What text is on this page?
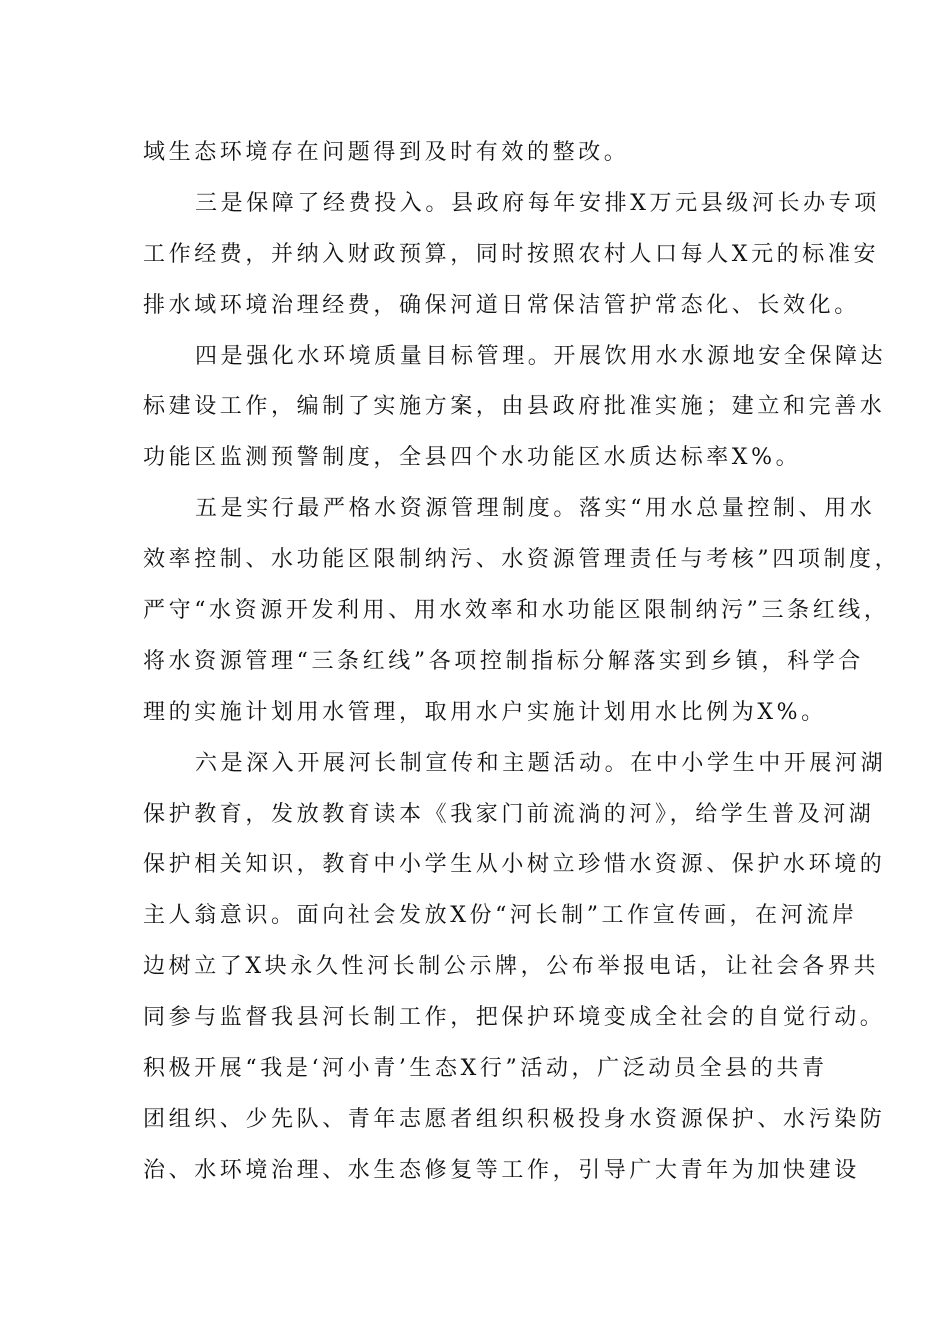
域生态环境存在问题得到及时有效的整改。
三是保障了经费投入。县政府每年安排X万元县级河长办专项
工作经费，并纳入财政预算，同时按照农村人口每人X元的标准安
排水域环境治理经费，确保河道日常保洁管护常态化、长效化。
四是强化水环境质量目标管理。开展饮用水水源地安全保障达
标建设工作，编制了实施方案，由县政府批准实施；建立和完善水
功能区监测预警制度，全县四个水功能区水质达标率X%。
五是实行最严格水资源管理制度。落实“用水总量控制、用水
效率控制、水功能区限制纳污、水资源管理责任与考核”四项制度，
严守“水资源开发利用、用水效率和水功能区限制纳污”三条红线，
将水资源管理“三条红线”各项控制指标分解落实到乡镇，科学合
理的实施计划用水管理，取用水户实施计划用水比例为X%。
六是深入开展河长制宣传和主题活动。在中小学生中开展河湖
保护教育，发放教育读本《我家门前流淌的河》，给学生普及河湖
保护相关知识，教育中小学生从小树立珍惜水资源、保护水环境的
主人翁意识。面向社会发放X份“河长制”工作宣传画，在河流岸
边树立了X块永久性河长制公示牌，公布举报电话，让社会各界共
同参与监督我县河长制工作，把保护环境变成全社会的自觉行动。
积极开展“我是‘河小青’生态X行”活动，广泛动员全县的共青
团组织、少先队、青年志愿者组织积极投身水资源保护、水污染防
治、水环境治理、水生态修复等工作，引导广大青年为加快建设
